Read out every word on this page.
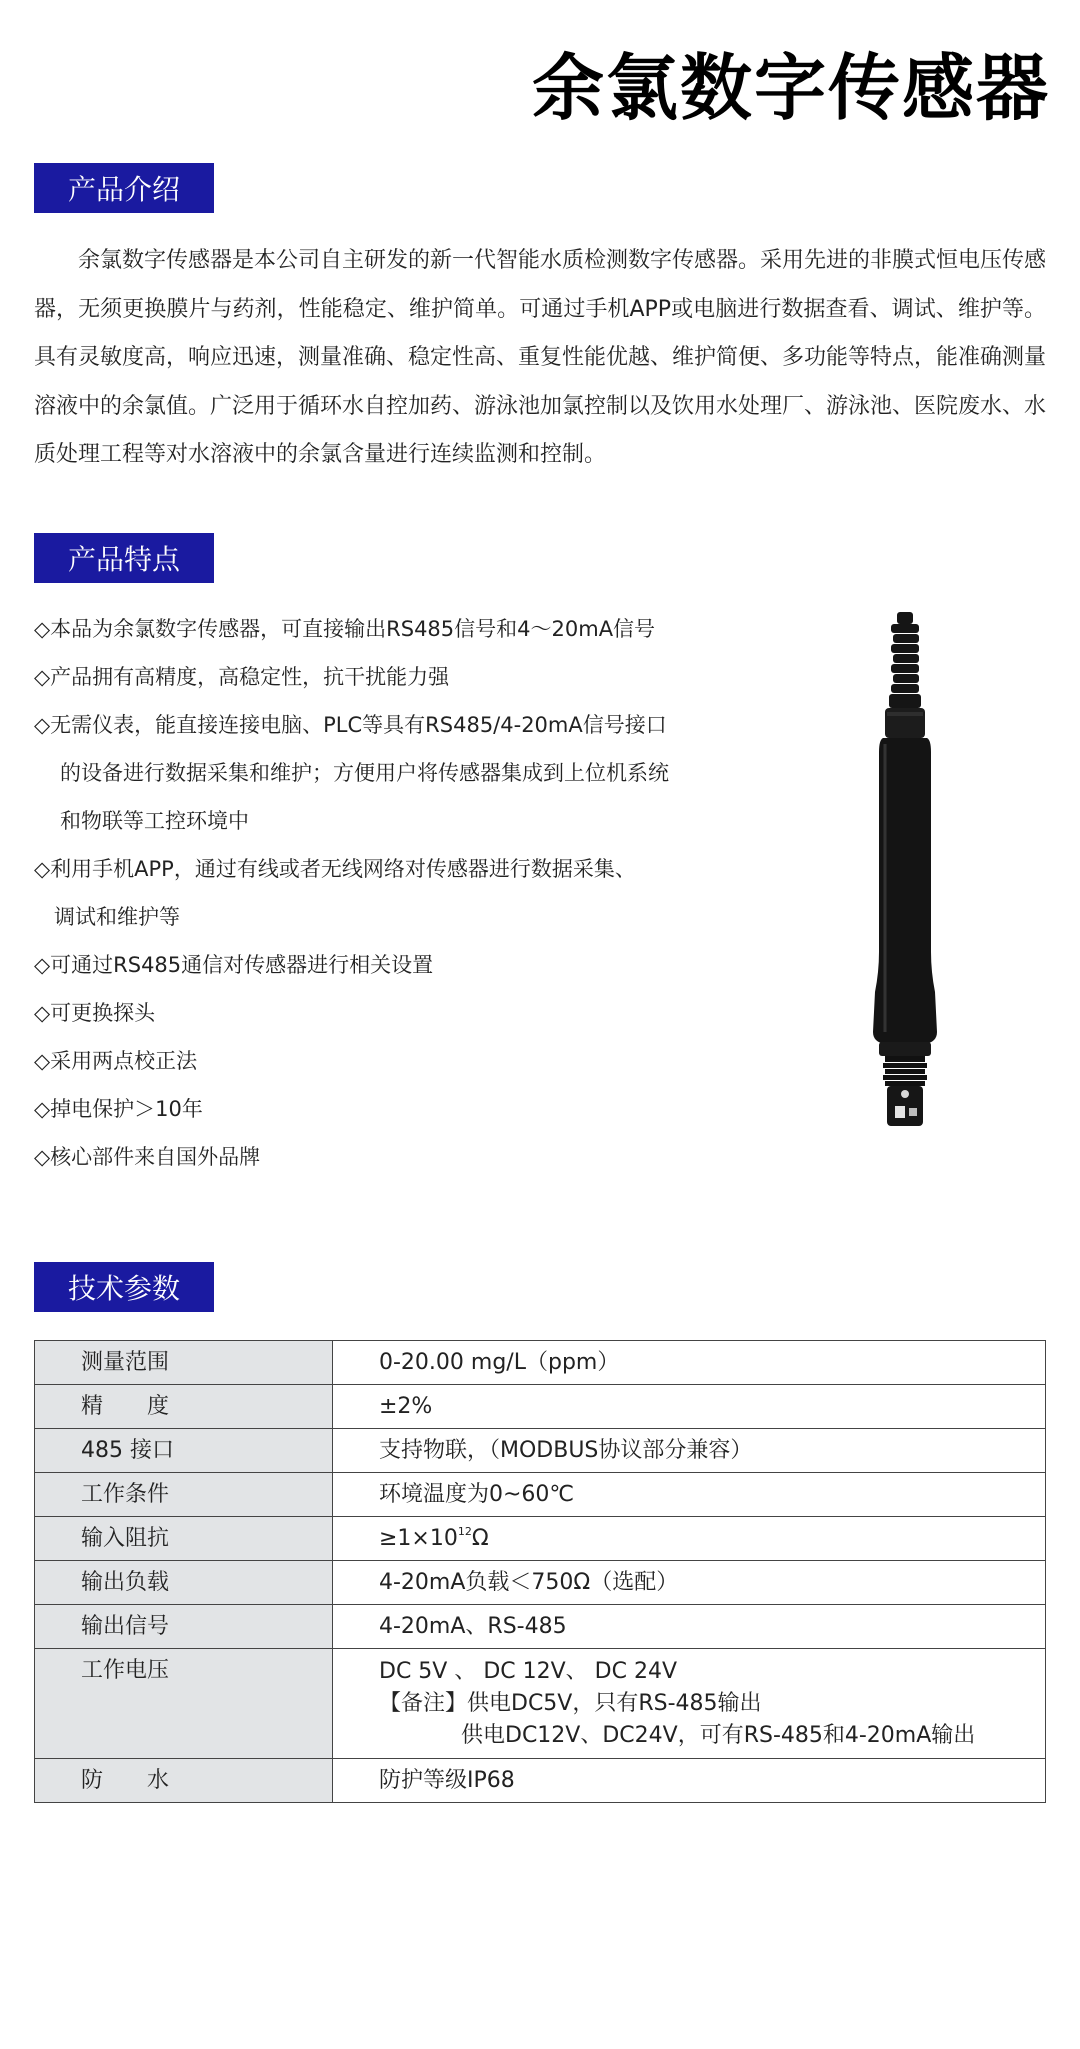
余氯数字传感器
产品介绍
余氯数字传感器是本公司自主研发的新一代智能水质检测数字传感器。采用先进的非膜式恒电压传感器，无须更换膜片与药剂，性能稳定、维护简单。可通过手机APP或电脑进行数据查看、调试、维护等。具有灵敏度高，响应迅速，测量准确、稳定性高、重复性能优越、维护简便、多功能等特点，能准确测量溶液中的余氯值。广泛用于循环水自控加药、游泳池加氯控制以及饮用水处理厂、游泳池、医院废水、水质处理工程等对水溶液中的余氯含量进行连续监测和控制。
产品特点
◇本品为余氯数字传感器，可直接输出RS485信号和4～20mA信号
◇产品拥有高精度，高稳定性，抗干扰能力强
◇无需仪表，能直接连接电脑、PLC等具有RS485/4-20mA信号接口
的设备进行数据采集和维护；方便用户将传感器集成到上位机系统
和物联等工控环境中
◇利用手机APP，通过有线或者无线网络对传感器进行数据采集、
调试和维护等
◇可通过RS485通信对传感器进行相关设置
◇可更换探头
◇采用两点校正法
◇掉电保护＞10年
◇核心部件来自国外品牌
技术参数
测量范围	0-20.00 mg/L（ppm）
精　　度	±2%
485 接口	支持物联，（MODBUS协议部分兼容）
工作条件	环境温度为0~60℃
输入阻抗	$\ge 1\times 10^{12}\Omega$
输出负载	4-20mA负载＜750Ω（选配）
输出信号	4-20mA、RS-485
工作电压	DC 5V 、 DC 12V、 DC 24V
【备注】供电DC5V，只有RS-485输出
供电DC12V、DC24V，可有RS-485和4-20mA输出

防　　水	防护等级IP68
